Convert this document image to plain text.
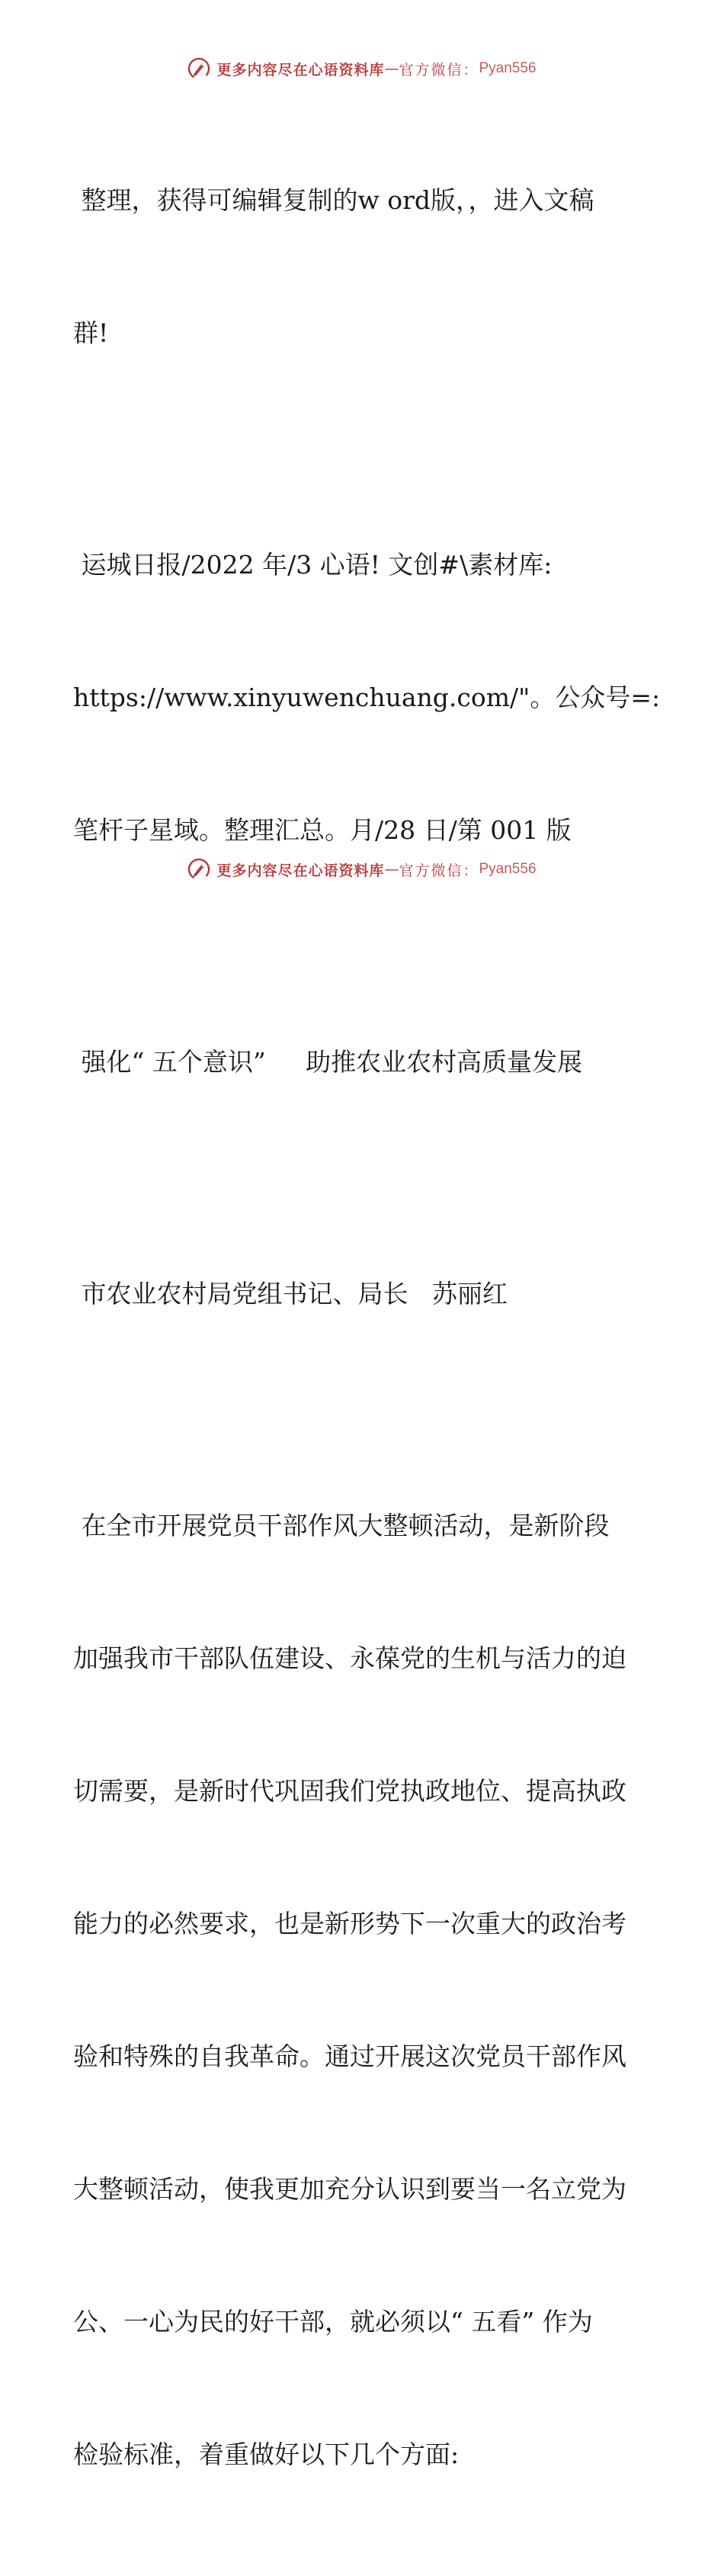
更多内容尽在心语资料库 — 官方微信： Pyan556

整理，获得可编辑复制的w ord版，，进入文稿

群!

运城日报/2022 年/3 心语! 文创#\素材库:

https://www.xinyuwenchuang.com/"。公众号=:

笔杆子星域。整理汇总。月/28 日/第 001 版

强化“ 五个意识”     助推农业农村高质量发展

市农业农村局党组书记、局长   苏丽红

在全市开展党员干部作风大整顿活动，是新阶段

加强我市干部队伍建设、永葆党的生机与活力的迫

切需要，是新时代巩固我们党执政地位、提高执政

能力的必然要求，也是新形势下一次重大的政治考

验和特殊的自我革命。通过开展这次党员干部作风

大整顿活动，使我更加充分认识到要当一名立党为

公、一心为民的好干部，就必须以“ 五看” 作为

检验标准，着重做好以下几个方面:

更多内容尽在心语资料库 — 官方微信： Pyan556
